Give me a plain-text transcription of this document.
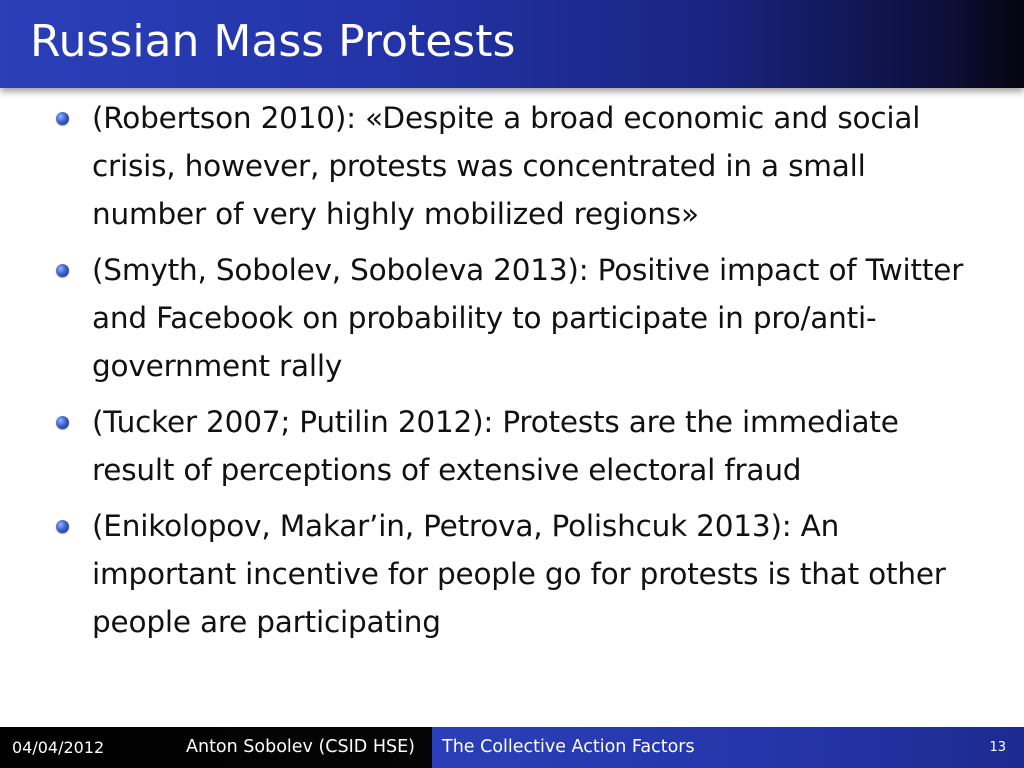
Russian Mass Protests
(Robertson 2010): «Despite a broad economic and social crisis, however, protests was concentrated in a small number of very highly mobilized regions»
(Smyth, Sobolev, Soboleva 2013): Positive impact of Twitter and Facebook on probability to participate in pro/anti-government rally
(Tucker 2007; Putilin 2012): Protests are the immediate result of perceptions of extensive electoral fraud
(Enikolopov, Makar’in, Petrova, Polishcuk 2013): An important incentive for people go for protests is that other people are participating
04/04/2012	Anton Sobolev (CSID HSE) The Collective Action Factors	13
